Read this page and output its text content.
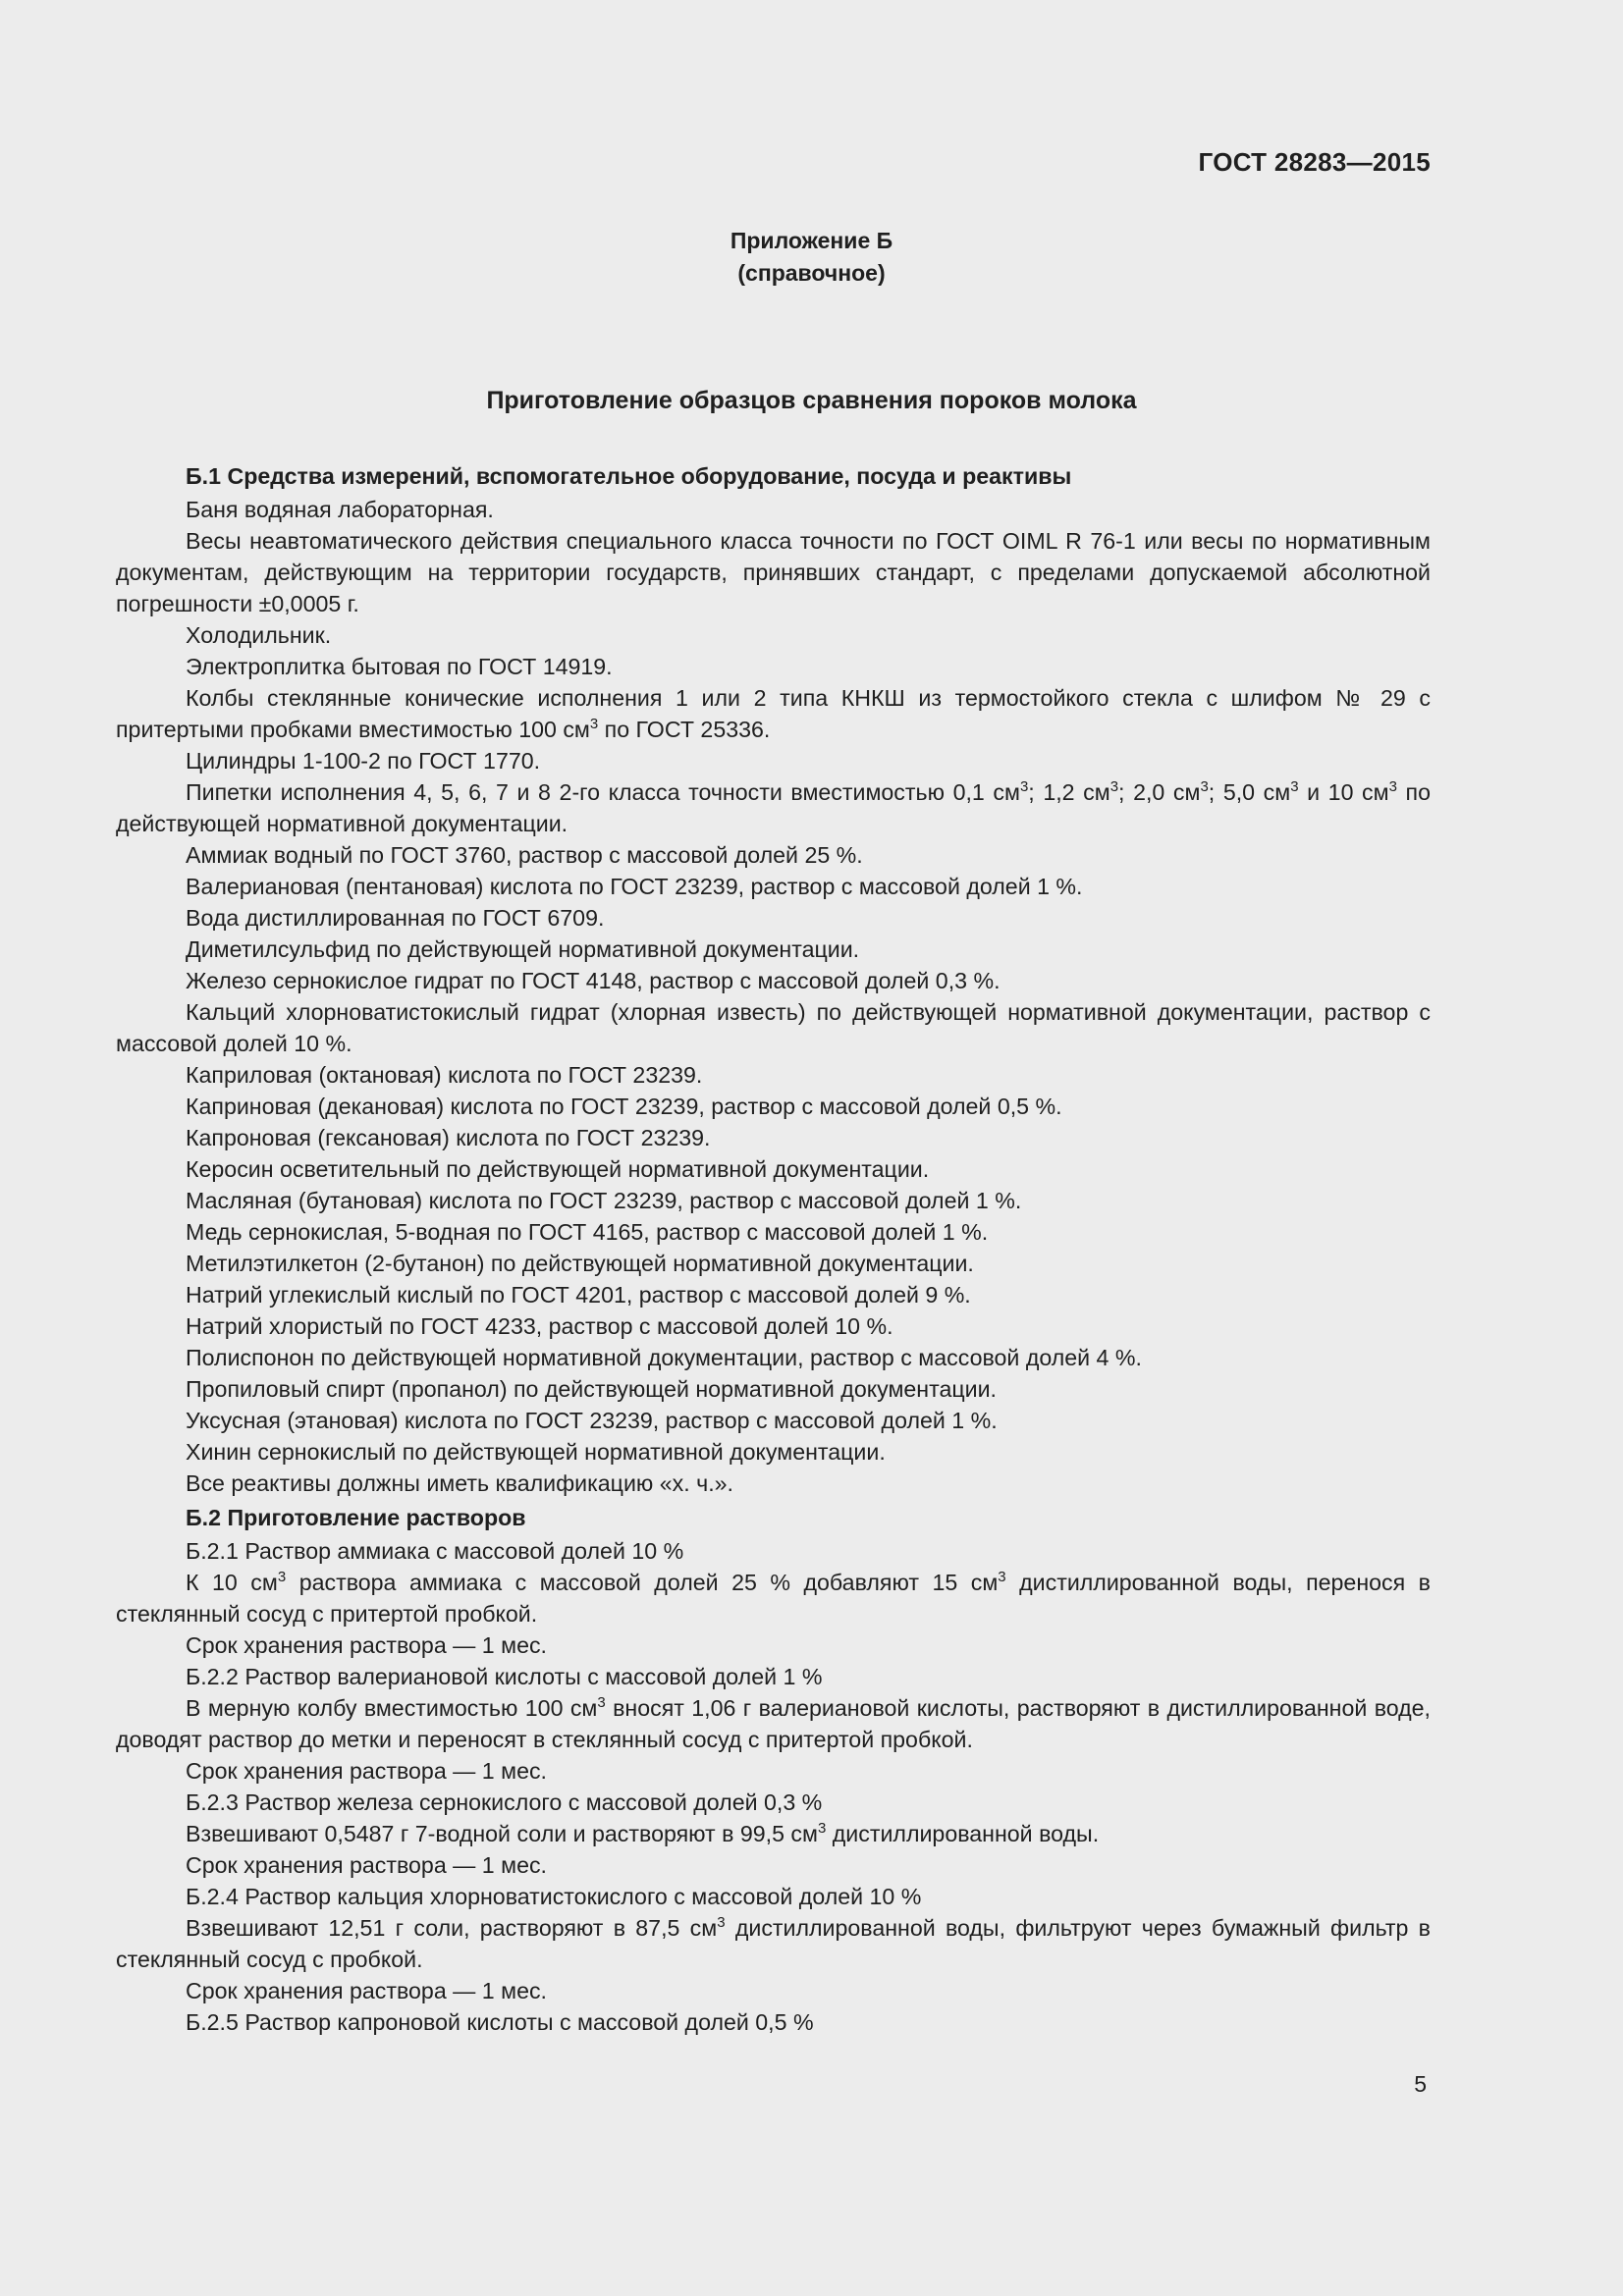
ГОСТ 28283—2015
Приложение Б
(справочное)
Приготовление образцов сравнения пороков молока
Б.1 Средства измерений, вспомогательное оборудование, посуда и реактивы

Баня водяная лабораторная.

Весы неавтоматического действия специального класса точности по ГОСТ OIML R 76-1 или весы по нормативным документам, действующим на территории государств, принявших стандарт, с пределами допускаемой абсолютной погрешности ±0,0005 г.

Холодильник.

Электроплитка бытовая по ГОСТ 14919.

Колбы стеклянные конические исполнения 1 или 2 типа КНКШ из термостойкого стекла с шлифом № 29 с притертыми пробками вместимостью 100 $см^3$ по ГОСТ 25336.

Цилиндры 1-100-2 по ГОСТ 1770.

Пипетки исполнения 4, 5, 6, 7 и 8 2-го класса точности вместимостью 0,1 $см^3$; 1,2 $см^3$; 2,0 $см^3$; 5,0 $см^3$ и 10 $см^3$ по действующей нормативной документации.

Аммиак водный по ГОСТ 3760, раствор с массовой долей 25 %.

Валериановая (пентановая) кислота по ГОСТ 23239, раствор с массовой долей 1 %.

Вода дистиллированная по ГОСТ 6709.

Диметилсульфид по действующей нормативной документации.

Железо сернокислое гидрат по ГОСТ 4148, раствор с массовой долей 0,3 %.

Кальций хлорноватистокислый гидрат (хлорная известь) по действующей нормативной документации, раствор с массовой долей 10 %.

Каприловая (октановая) кислота по ГОСТ 23239.

Каприновая (декановая) кислота по ГОСТ 23239, раствор с массовой долей 0,5 %.

Капроновая (гексановая) кислота по ГОСТ 23239.

Керосин осветительный по действующей нормативной документации.

Масляная (бутановая) кислота по ГОСТ 23239, раствор с массовой долей 1 %.

Медь сернокислая, 5-водная по ГОСТ 4165, раствор с массовой долей 1 %.

Метилэтилкетон (2-бутанон) по действующей нормативной документации.

Натрий углекислый кислый по ГОСТ 4201, раствор с массовой долей 9 %.

Натрий хлористый по ГОСТ 4233, раствор с массовой долей 10 %.

Полиспонон по действующей нормативной документации, раствор с массовой долей 4 %.

Пропиловый спирт (пропанол) по действующей нормативной документации.

Уксусная (этановая) кислота по ГОСТ 23239, раствор с массовой долей 1 %.

Хинин сернокислый по действующей нормативной документации.

Все реактивы должны иметь квалификацию «х. ч.».

Б.2 Приготовление растворов

Б.2.1 Раствор аммиака с массовой долей 10 %

К 10 $см^3$ раствора аммиака с массовой долей 25 % добавляют 15 $см^3$ дистиллированной воды, перенося в стеклянный сосуд с притертой пробкой.

Срок хранения раствора — 1 мес.

Б.2.2 Раствор валериановой кислоты с массовой долей 1 %

В мерную колбу вместимостью 100 $см^3$ вносят 1,06 г валериановой кислоты, растворяют в дистиллированной воде, доводят раствор до метки и переносят в стеклянный сосуд с притертой пробкой.

Срок хранения раствора — 1 мес.

Б.2.3 Раствор железа сернокислого с массовой долей 0,3 %

Взвешивают 0,5487 г 7-водной соли и растворяют в 99,5 $см^3$ дистиллированной воды.

Срок хранения раствора — 1 мес.

Б.2.4 Раствор кальция хлорноватистокислого с массовой долей 10 %

Взвешивают 12,51 г соли, растворяют в 87,5 $см^3$ дистиллированной воды, фильтруют через бумажный фильтр в стеклянный сосуд с пробкой.

Срок хранения раствора — 1 мес.

Б.2.5 Раствор капроновой кислоты с массовой долей 0,5 %

5
